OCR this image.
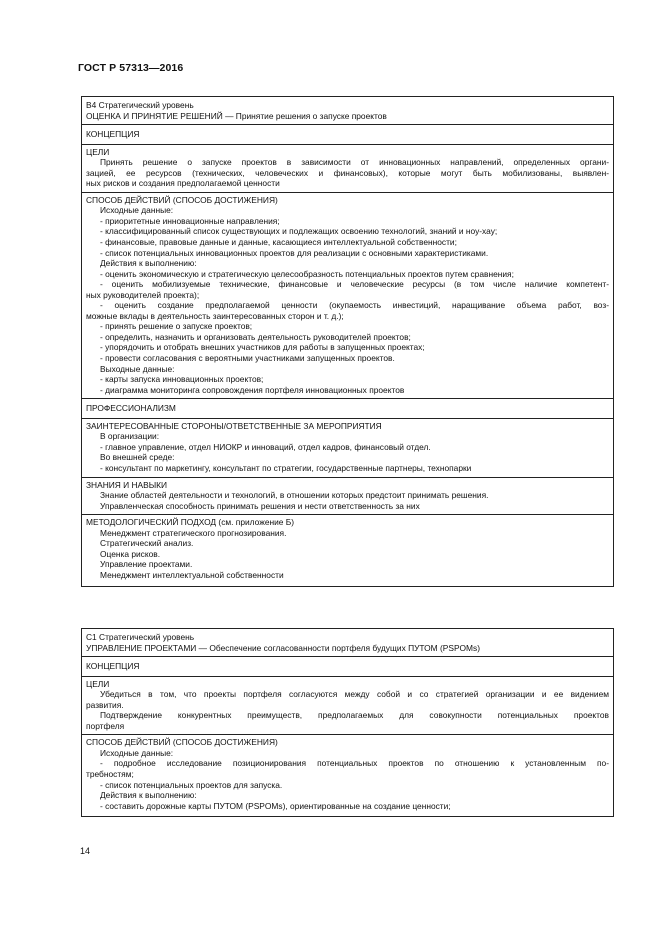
ГОСТ Р 57313—2016
В4 Стратегический уровень
ОЦЕНКА И ПРИНЯТИЕ РЕШЕНИЙ — Принятие решения о запуске проектов
КОНЦЕПЦИЯ
ЦЕЛИ
Принять решение о запуске проектов в зависимости от инновационных направлений, определенных органи-
зацией, ее ресурсов (технических, человеческих и финансовых), которые могут быть мобилизованы, выявлен-
ных рисков и создания предполагаемой ценности
СПОСОБ ДЕЙСТВИЙ (СПОСОБ ДОСТИЖЕНИЯ)
Исходные данные:
- приоритетные инновационные направления;
- классифицированный список существующих и подлежащих освоению технологий, знаний и ноу-хау;
- финансовые, правовые данные и данные, касающиеся интеллектуальной собственности;
- список потенциальных инновационных проектов для реализации с основными характеристиками.
Действия к выполнению:
- оценить экономическую и стратегическую целесообразность потенциальных проектов путем сравнения;
- оценить мобилизуемые технические, финансовые и человеческие ресурсы (в том числе наличие компетент-
ных руководителей проекта);
- оценить создание предполагаемой ценности (окупаемость инвестиций, наращивание объема работ, воз-
можные вклады в деятельность заинтересованных сторон и т. д.);
- принять решение о запуске проектов;
- определить, назначить и организовать деятельность руководителей проектов;
- упорядочить и отобрать внешних участников для работы в запущенных проектах;
- провести согласования с вероятными участниками запущенных проектов.
Выходные данные:
- карты запуска инновационных проектов;
- диаграмма мониторинга сопровождения портфеля инновационных проектов
ПРОФЕССИОНАЛИЗМ
ЗАИНТЕРЕСОВАННЫЕ СТОРОНЫ/ОТВЕТСТВЕННЫЕ ЗА МЕРОПРИЯТИЯ
В организации:
- главное управление, отдел НИОКР и инноваций, отдел кадров, финансовый отдел.
Во внешней среде:
- консультант по маркетингу, консультант по стратегии, государственные партнеры, технопарки
ЗНАНИЯ И НАВЫКИ
Знание областей деятельности и технологий, в отношении которых предстоит принимать решения.
Управленческая способность принимать решения и нести ответственность за них
МЕТОДОЛОГИЧЕСКИЙ ПОДХОД (см. приложение Б)
Менеджмент стратегического прогнозирования.
Стратегический анализ.
Оценка рисков.
Управление проектами.
Менеджмент интеллектуальной собственности
С1 Стратегический уровень
УПРАВЛЕНИЕ ПРОЕКТАМИ — Обеспечение согласованности портфеля будущих ПУТОМ (PSPOMs)
КОНЦЕПЦИЯ
ЦЕЛИ
Убедиться в том, что проекты портфеля согласуются между собой и со стратегией организации и ее видением
развития.
Подтверждение конкурентных преимуществ, предполагаемых для совокупности потенциальных проектов
портфеля
СПОСОБ ДЕЙСТВИЙ (СПОСОБ ДОСТИЖЕНИЯ)
Исходные данные:
- подробное исследование позиционирования потенциальных проектов по отношению к установленным по-
требностям;
- список потенциальных проектов для запуска.
Действия к выполнению:
- составить дорожные карты ПУТОМ (PSPOMs), ориентированные на создание ценности;
14
